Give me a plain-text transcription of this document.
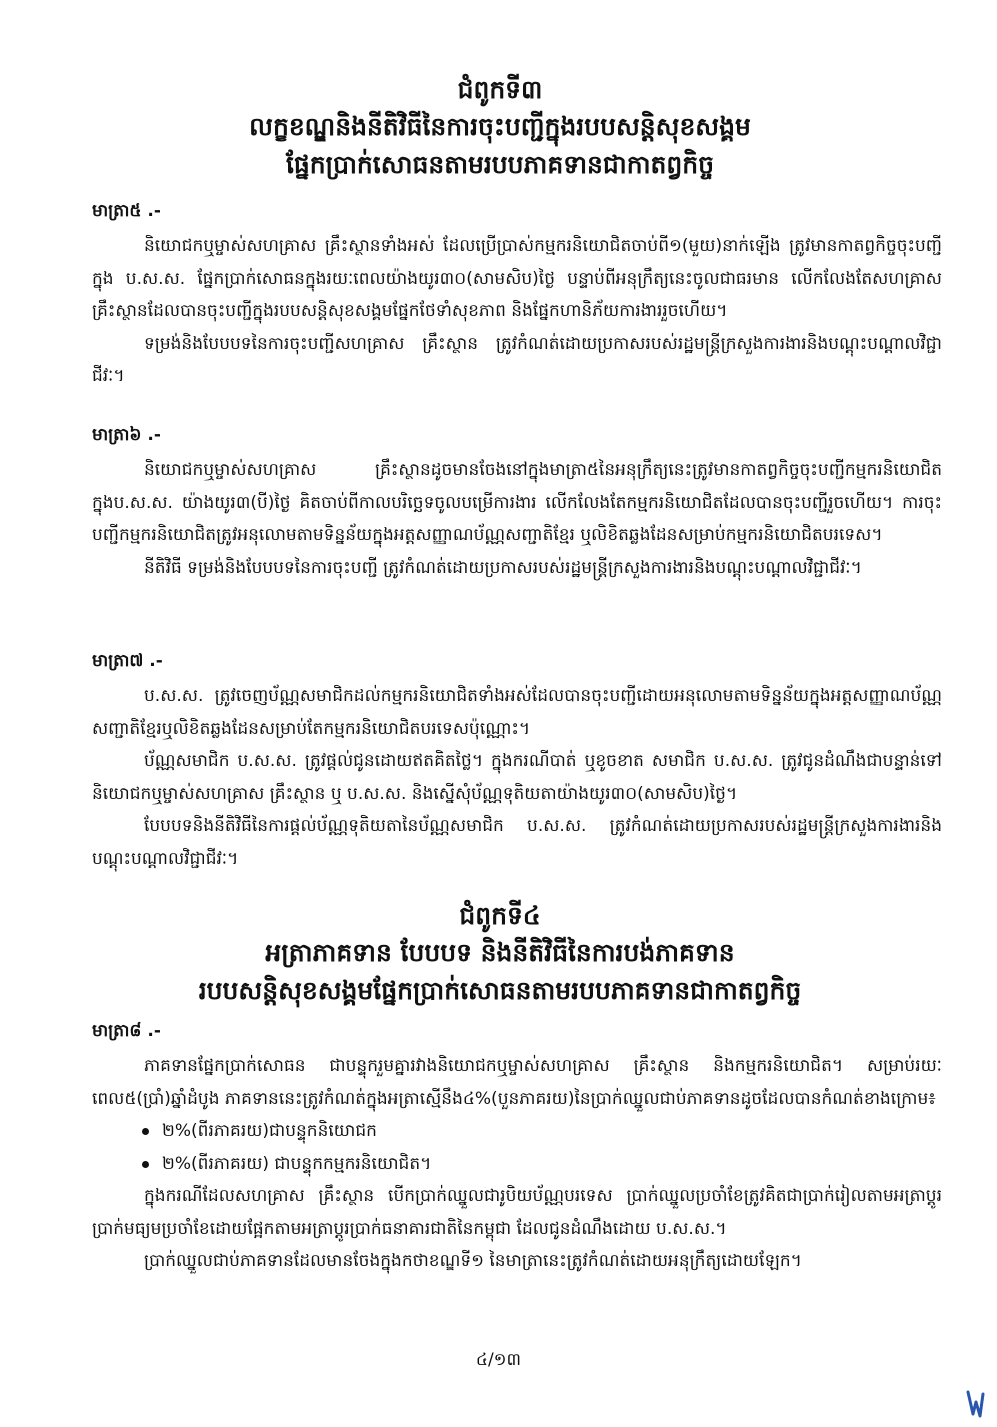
ជំពូកទី៣
លក្ខខណ្ឌនិងនីតិវិធីនៃការចុះបញ្ជីក្នុងរបបសន្តិសុខសង្គម
ផ្នែកប្រាក់សោធនតាមរបបភាគទានជាកាតព្វកិច្ច
មាត្រា៥ .-

និយោជកឬម្ចាស់សហគ្រាស គ្រឹះស្ថានទាំងអស់ ដែលប្រើប្រាស់កម្មករនិយោជិតចាប់ពី១(មួយ)នាក់ឡើង ត្រូវមានកាតព្វកិច្ចចុះបញ្ជីក្នុង ប.ស.ស. ផ្នែកប្រាក់សោធនក្នុងរយៈពេលយ៉ាងយូរ៣០(សាមសិប)ថ្ងៃ បន្ទាប់ពីអនុក្រឹត្យនេះចូលជាធរមាន លើកលែងតែសហគ្រាស គ្រឹះស្ថានដែលបានចុះបញ្ជីក្នុងរបបសន្តិសុខសង្គមផ្នែកថែទាំសុខភាព និងផ្នែកហានិភ័យការងាររួចហើយ។

ទម្រង់និងបែបបទនៃការចុះបញ្ជីសហគ្រាស គ្រឹះស្ថាន ត្រូវកំណត់ដោយប្រកាសរបស់រដ្ឋមន្ត្រីក្រសួងការងារនិងបណ្តុះបណ្តាលវិជ្ជាជីវៈ។

មាត្រា៦ .-

និយោជកឬម្ចាស់សហគ្រាស គ្រឹះស្ថានដូចមានចែងនៅក្នុងមាត្រា៥នៃអនុក្រឹត្យនេះត្រូវមានកាតព្វកិច្ចចុះបញ្ជីកម្មករនិយោជិតក្នុងប.ស.ស. យ៉ាងយូរ៣(បី)ថ្ងៃ គិតចាប់ពីកាលបរិច្ឆេទចូលបម្រើការងារ លើកលែងតែកម្មករនិយោជិតដែលបានចុះបញ្ជីរួចហើយ។ ការចុះបញ្ជីកម្មករនិយោជិតត្រូវអនុលោមតាមទិន្នន័យក្នុងអត្តសញ្ញាណប័ណ្ណសញ្ជាតិខ្មែរ ឬលិខិតឆ្លងដែនសម្រាប់កម្មករនិយោជិតបរទេស។

នីតិវិធី ទម្រង់និងបែបបទនៃការចុះបញ្ជី ត្រូវកំណត់ដោយប្រកាសរបស់រដ្ឋមន្ត្រីក្រសួងការងារនិងបណ្តុះបណ្តាលវិជ្ជាជីវៈ។

មាត្រា៧ .-

ប.ស.ស. ត្រូវចេញប័ណ្ណសមាជិកដល់កម្មករនិយោជិតទាំងអស់ដែលបានចុះបញ្ជីដោយអនុលោមតាមទិន្នន័យក្នុងអត្តសញ្ញាណប័ណ្ណសញ្ជាតិខ្មែរឬលិខិតឆ្លងដែនសម្រាប់តែកម្មករនិយោជិតបរទេសប៉ុណ្ណោះ។

ប័ណ្ណសមាជិក ប.ស.ស. ត្រូវផ្តល់ជូនដោយឥតគិតថ្លៃ។ ក្នុងករណីបាត់ ឬខូចខាត សមាជិក ប.ស.ស. ត្រូវជូនដំណឹងជាបន្ទាន់ទៅនិយោជកឬម្ចាស់សហគ្រាស គ្រឹះស្ថាន ឬ ប.ស.ស. និងស្នើសុំប័ណ្ណទុតិយតាយ៉ាងយូរ៣០(សាមសិប)ថ្ងៃ។

បែបបទនិងនីតិវិធីនៃការផ្តល់ប័ណ្ណទុតិយតានៃប័ណ្ណសមាជិក ប.ស.ស. ត្រូវកំណត់ដោយប្រកាសរបស់រដ្ឋមន្ត្រីក្រសួងការងារនិងបណ្តុះបណ្តាលវិជ្ជាជីវៈ។

ជំពូកទី៤
អត្រាភាគទាន បែបបទ និងនីតិវិធីនៃការបង់ភាគទាន
របបសន្តិសុខសង្គមផ្នែកប្រាក់សោធនតាមរបបភាគទានជាកាតព្វកិច្ច
មាត្រា៨ .-

ភាគទានផ្នែកប្រាក់សោធន ជាបន្ទុករួមគ្នារវាងនិយោជកឬម្ចាស់សហគ្រាស គ្រឹះស្ថាន និងកម្មករនិយោជិត។ សម្រាប់រយៈពេល៥(ប្រាំ)ឆ្នាំដំបូង ភាគទាននេះត្រូវកំណត់ក្នុងអត្រាស្មើនឹង៤%(បួនភាគរយ)នៃប្រាក់ឈ្នួលជាប់ភាគទានដូចដែលបានកំណត់ខាងក្រោម៖

២%(ពីរភាគរយ)ជាបន្ទុកនិយោជក
២%(ពីរភាគរយ) ជាបន្ទុកកម្មករនិយោជិត។

ក្នុងករណីដែលសហគ្រាស គ្រឹះស្ថាន បើកប្រាក់ឈ្នួលជារូបិយប័ណ្ណបរទេស ប្រាក់ឈ្នួលប្រចាំខែត្រូវគិតជាប្រាក់រៀលតាមអត្រាប្តូរប្រាក់មធ្យមប្រចាំខែដោយផ្អែកតាមអត្រាប្តូរប្រាក់ធនាគារជាតិនៃកម្ពុជា ដែលជូនដំណឹងដោយ ប.ស.ស.។

ប្រាក់ឈ្នួលជាប់ភាគទានដែលមានចែងក្នុងកថាខណ្ឌទី១ នៃមាត្រានេះត្រូវកំណត់ដោយអនុក្រឹត្យដោយឡែក។

៤/១៣
